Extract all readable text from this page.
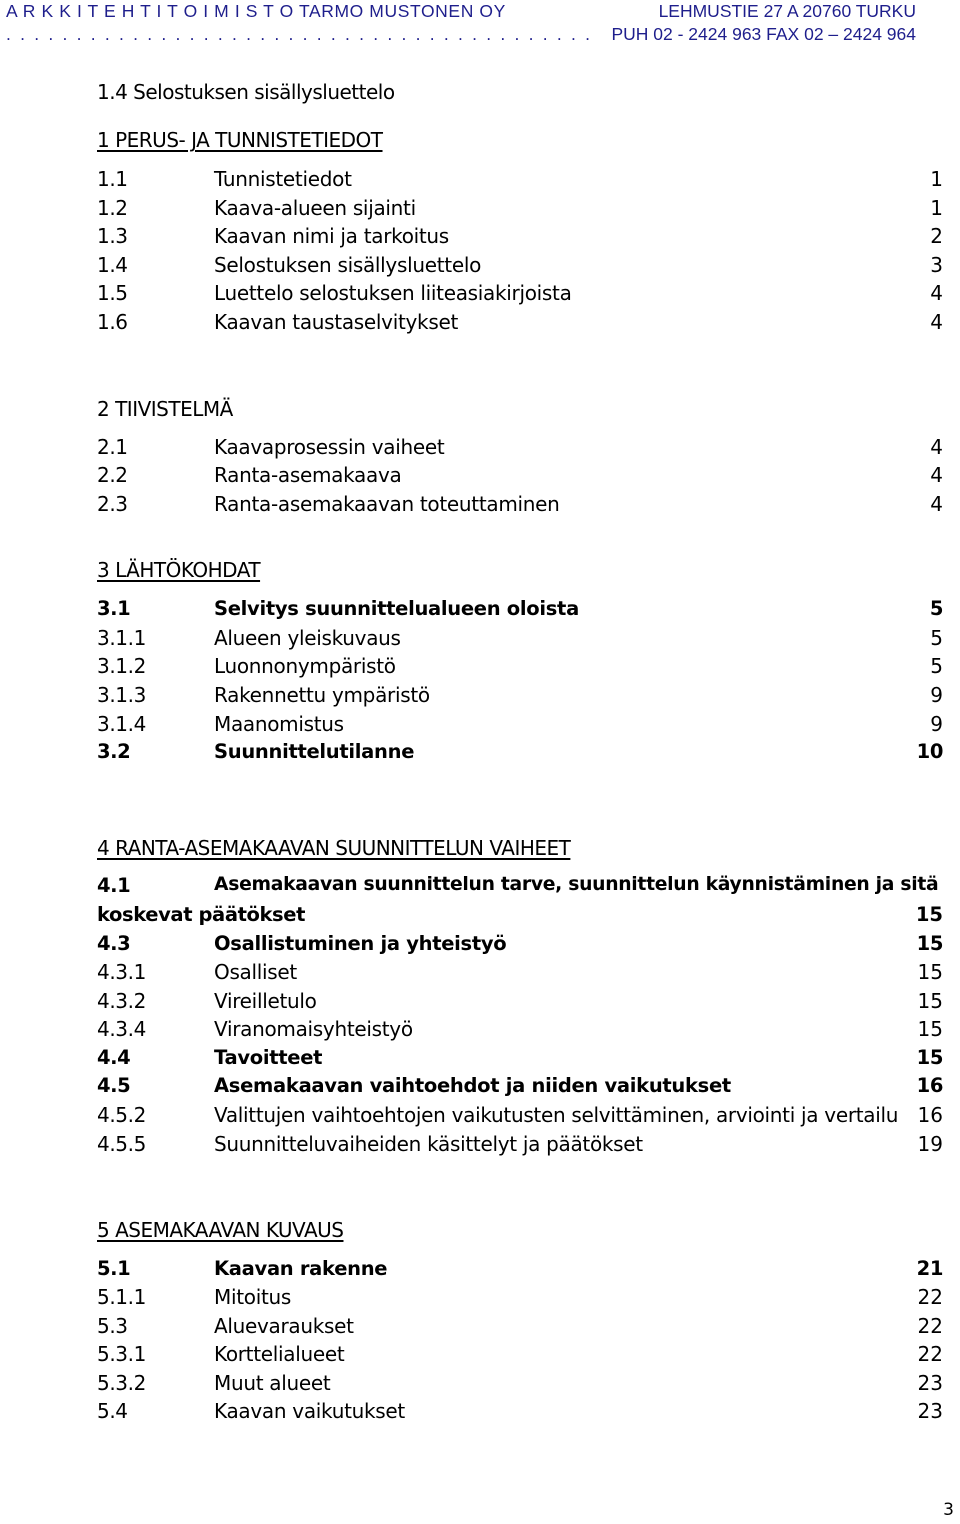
A R K K I T E H T I T O I M I S T O TARMO MUSTONEN OY	LEHMUSTIE 27 A 20760 TURKU
. . . . . . . . . . . . . . . . . . . . . . . . . . . . . . . . . . . . . . . . . . PUH 02 - 2424 963 FAX 02 – 2424 964
1.4 Selostuksen sisällysluettelo
1 PERUS- JA TUNNISTETIEDOT
1.1	Tunnistetiedot	1
1.2	Kaava-alueen sijainti	1
1.3	Kaavan nimi ja tarkoitus	2
1.4	Selostuksen sisällysluettelo	3
1.5	Luettelo selostuksen liiteasiakirjoista	4
1.6	Kaavan taustaselvitykset	4
2 TIIVISTELMÄ
2.1	Kaavaprosessin vaiheet	4
2.2	Ranta-asemakaava	4
2.3	Ranta-asemakaavan toteuttaminen	4
3 LÄHTÖKOHDAT
3.1	Selvitys suunnittelualueen oloista	5
3.1.1	Alueen yleiskuvaus	5
3.1.2	Luonnonympäristö	5
3.1.3	Rakennettu ympäristö	9
3.1.4	Maanomistus	9
3.2	Suunnittelutilanne	10
4 RANTA-ASEMAKAAVAN SUUNNITTELUN VAIHEET
4.1	Asemakaavan suunnittelun tarve, suunnittelun käynnistäminen ja sitä
koskevat päätökset	15
4.3	Osallistuminen ja yhteistyö	15
4.3.1	Osalliset	15
4.3.2	Vireilletulo	15
4.3.4	Viranomaisyhteistyö	15
4.4	Tavoitteet	15
4.5	Asemakaavan vaihtoehdot ja niiden vaikutukset	16
4.5.2	Valittujen vaihtoehtojen vaikutusten selvittäminen, arviointi ja vertailu 16
4.5.5	Suunnitteluvaiheiden käsittelyt ja päätökset	19
5 ASEMAKAAVAN KUVAUS
5.1	Kaavan rakenne	21
5.1.1	Mitoitus	22
5.3	Aluevaraukset	22
5.3.1	Korttelialueet	22
5.3.2	Muut alueet	23
5.4	Kaavan vaikutukset	23
3
